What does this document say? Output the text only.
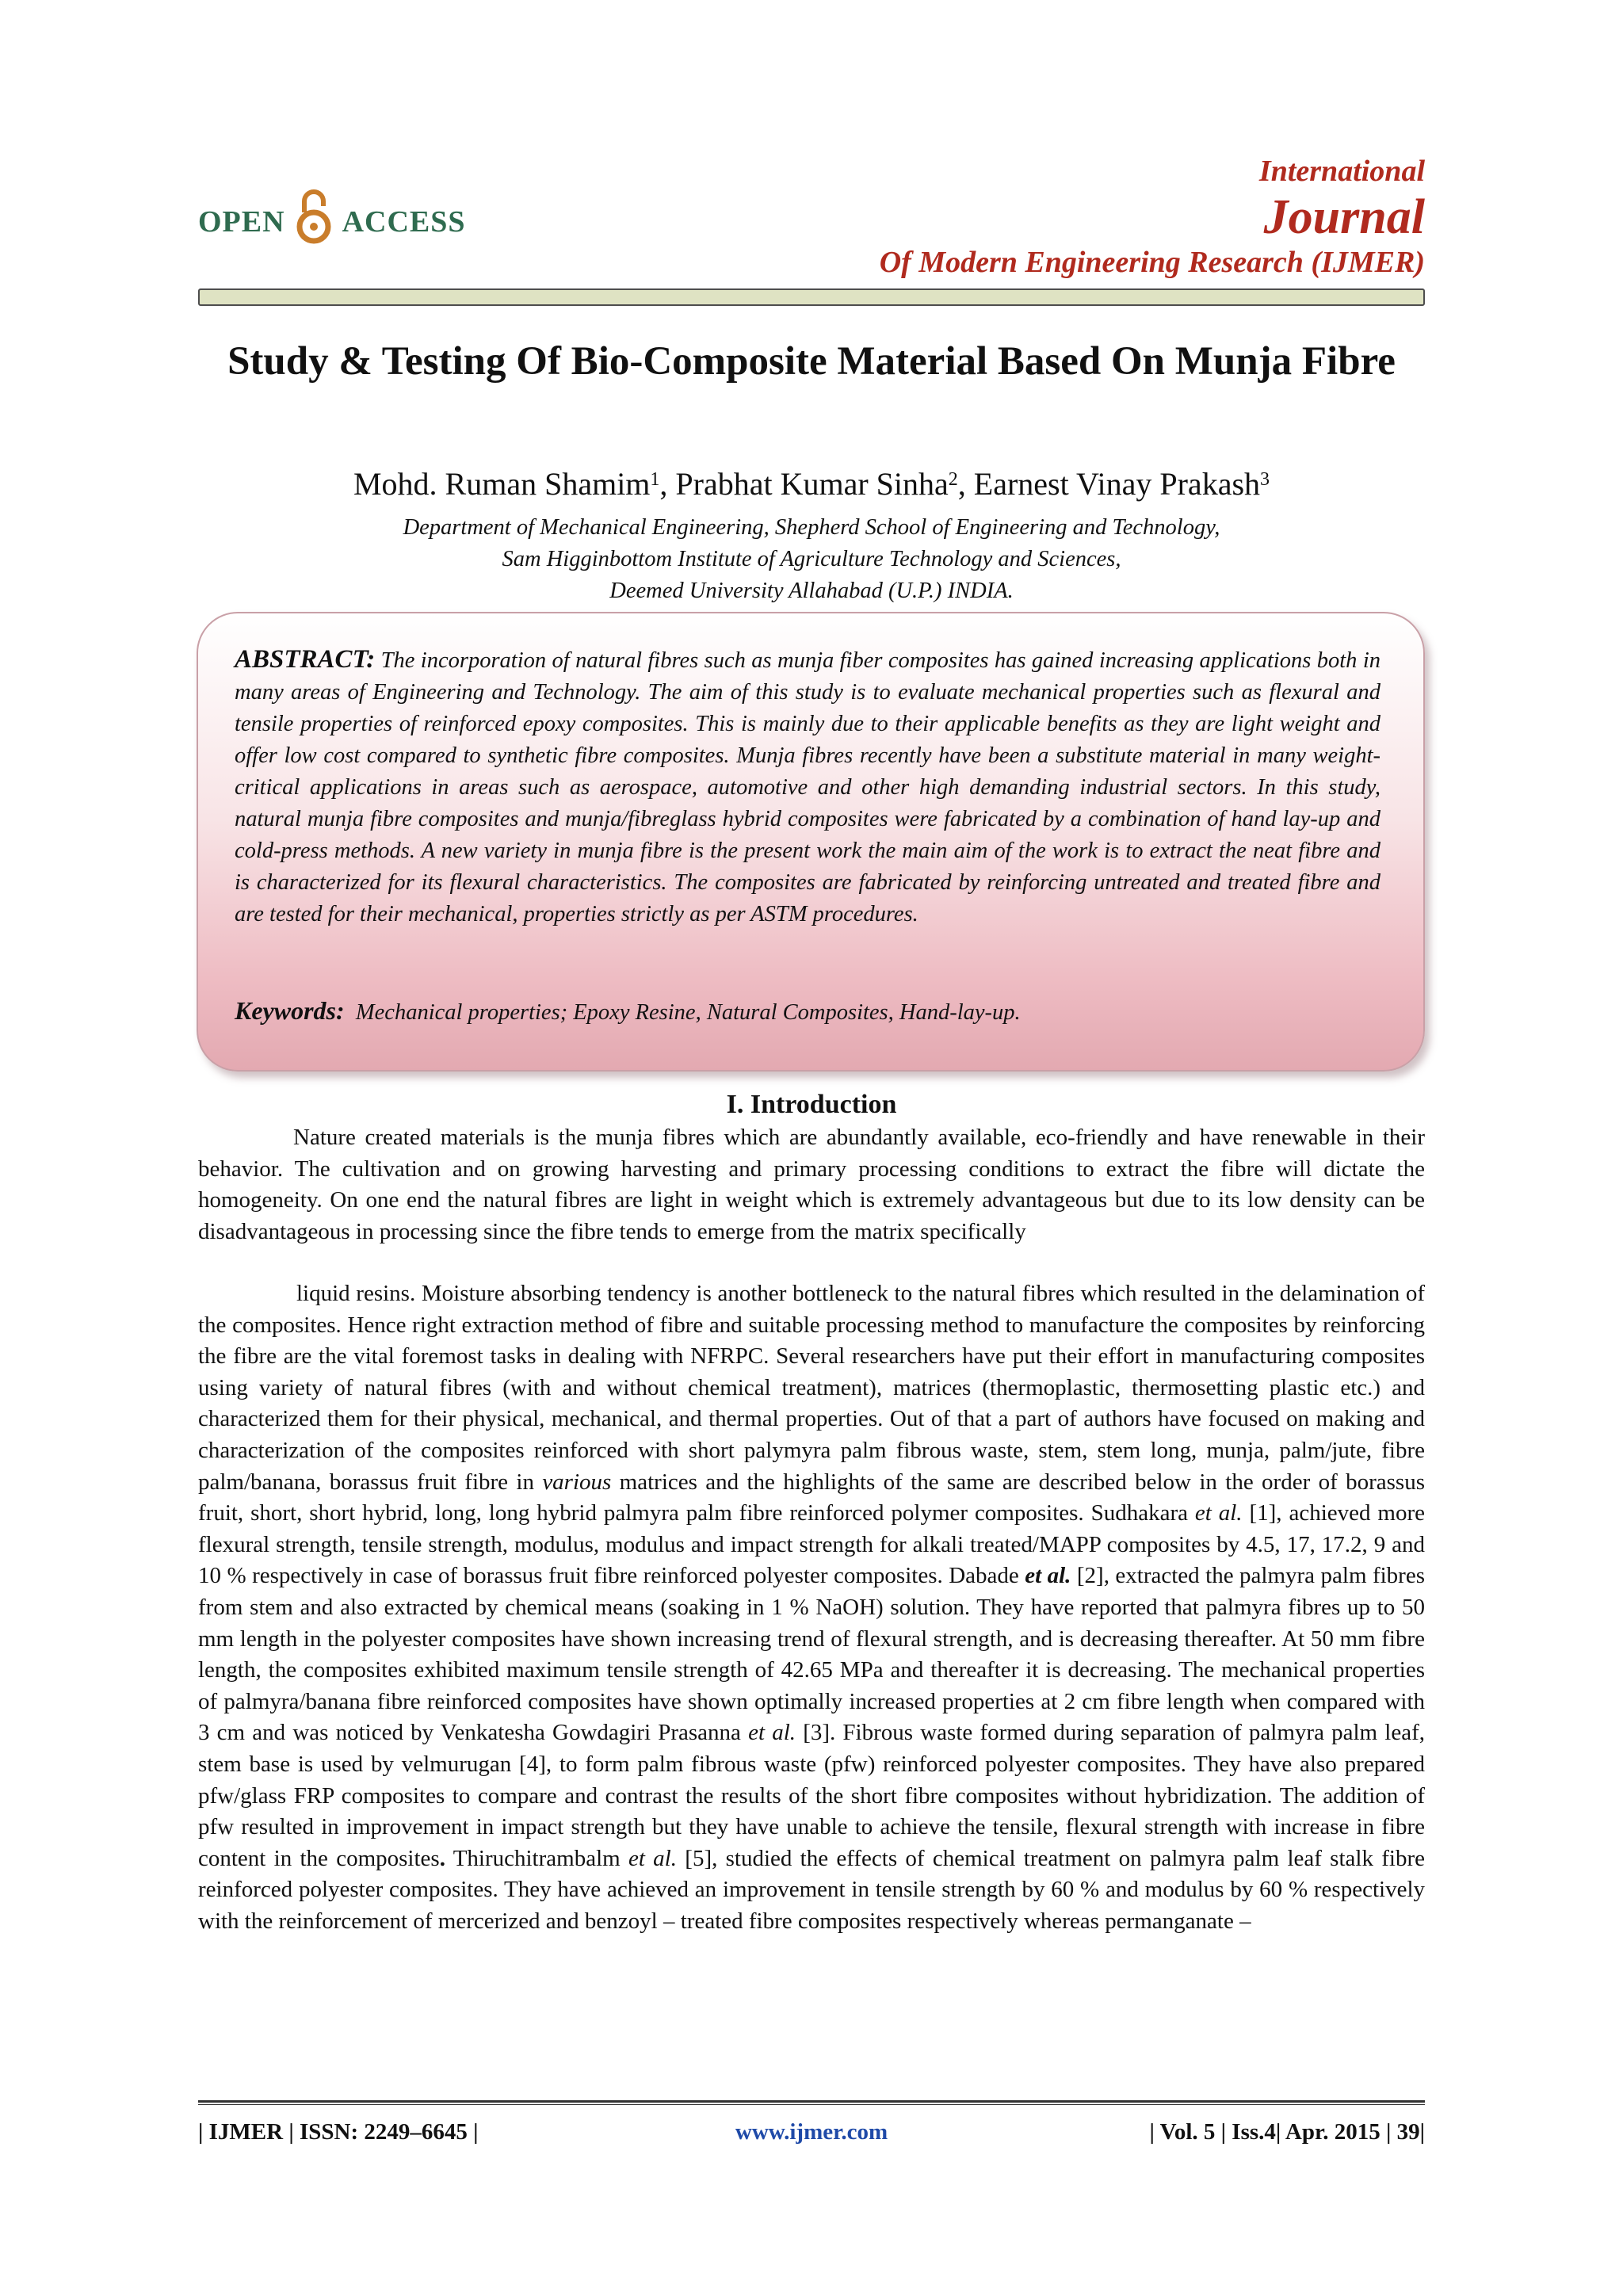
OPEN ACCESS
International
Journal
Of Modern Engineering Research (IJMER)
Study & Testing Of Bio-Composite Material Based On Munja Fibre
Mohd. Ruman Shamim$^1$, Prabhat Kumar Sinha$^2$, Earnest Vinay Prakash$^3$
Department of Mechanical Engineering, Shepherd School of Engineering and Technology,
Sam Higginbottom Institute of Agriculture Technology and Sciences,
Deemed University Allahabad (U.P.) INDIA.

ABSTRACT: The incorporation of natural fibres such as munja fiber composites has gained increasing applications both in many areas of Engineering and Technology. The aim of this study is to evaluate mechanical properties such as flexural and tensile properties of reinforced epoxy composites. This is mainly due to their applicable benefits as they are light weight and offer low cost compared to synthetic fibre composites. Munja fibres recently have been a substitute material in many weight-critical applications in areas such as aerospace, automotive and other high demanding industrial sectors. In this study, natural munja fibre composites and munja/fibreglass hybrid composites were fabricated by a combination of hand lay-up and cold-press methods. A new variety in munja fibre is the present work the main aim of the work is to extract the neat fibre and is characterized for its flexural characteristics. The composites are fabricated by reinforcing untreated and treated fibre and are tested for their mechanical, properties strictly as per ASTM procedures.

Keywords: Mechanical properties; Epoxy Resine, Natural Composites, Hand-lay-up.

I. Introduction

Nature created materials is the munja fibres which are abundantly available, eco-friendly and have renewable in their behavior. The cultivation and on growing harvesting and primary processing conditions to extract the fibre will dictate the homogeneity. On one end the natural fibres are light in weight which is extremely advantageous but due to its low density can be disadvantageous in processing since the fibre tends to emerge from the matrix specifically

liquid resins. Moisture absorbing tendency is another bottleneck to the natural fibres which resulted in the delamination of the composites. Hence right extraction method of fibre and suitable processing method to manufacture the composites by reinforcing the fibre are the vital foremost tasks in dealing with NFRPC. Several researchers have put their effort in manufacturing composites using variety of natural fibres (with and without chemical treatment), matrices (thermoplastic, thermosetting plastic etc.) and characterized them for their physical, mechanical, and thermal properties. Out of that a part of authors have focused on making and characterization of the composites reinforced with short palymyra palm fibrous waste, stem, stem long, munja, palm/jute, fibre palm/banana, borassus fruit fibre in various matrices and the highlights of the same are described below in the order of borassus fruit, short, short hybrid, long, long hybrid palmyra palm fibre reinforced polymer composites. Sudhakara et al. [1], achieved more flexural strength, tensile strength, modulus, modulus and impact strength for alkali treated/MAPP composites by 4.5, 17, 17.2, 9 and 10 % respectively in case of borassus fruit fibre reinforced polyester composites. Dabade et al. [2], extracted the palmyra palm fibres from stem and also extracted by chemical means (soaking in 1 % NaOH) solution. They have reported that palmyra fibres up to 50 mm length in the polyester composites have shown increasing trend of flexural strength, and is decreasing thereafter. At 50 mm fibre length, the composites exhibited maximum tensile strength of 42.65 MPa and thereafter it is decreasing. The mechanical properties of palmyra/banana fibre reinforced composites have shown optimally increased properties at 2 cm fibre length when compared with 3 cm and was noticed by Venkatesha Gowdagiri Prasanna et al. [3]. Fibrous waste formed during separation of palmyra palm leaf, stem base is used by velmurugan [4], to form palm fibrous waste (pfw) reinforced polyester composites. They have also prepared pfw/glass FRP composites to compare and contrast the results of the short fibre composites without hybridization. The addition of pfw resulted in improvement in impact strength but they have unable to achieve the tensile, flexural strength with increase in fibre content in the composites. Thiruchitrambalm et al. [5], studied the effects of chemical treatment on palmyra palm leaf stalk fibre reinforced polyester composites. They have achieved an improvement in tensile strength by 60 % and modulus by 60 % respectively with the reinforcement of mercerized and benzoyl – treated fibre composites respectively whereas permanganate –

| IJMER | ISSN: 2249–6645 |	www.ijmer.com	| Vol. 5 | Iss.4| Apr. 2015 | 39|
